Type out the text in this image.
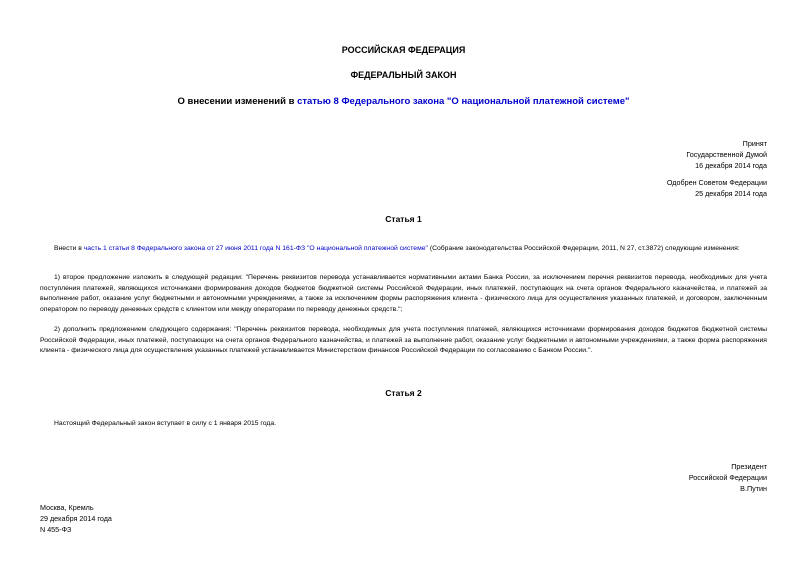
РОССИЙСКАЯ ФЕДЕРАЦИЯ
ФЕДЕРАЛЬНЫЙ ЗАКОН
О внесении изменений в статью 8 Федерального закона "О национальной платежной системе"
Принят
Государственной Думой
16 декабря 2014 года
Одобрен Советом Федерации
25 декабря 2014 года
Статья 1
Внести в часть 1 статьи 8 Федерального закона от 27 июня 2011 года N 161-ФЗ "О национальной платежной системе" (Собрание законодательства Российской Федерации, 2011, N 27, ст.3872) следующие изменения:
1) второе предложение изложить в следующей редакции: "Перечень реквизитов перевода устанавливается нормативными актами Банка России, за исключением перечня реквизитов перевода, необходимых для учета поступления платежей, являющихся источниками формирования доходов бюджетов бюджетной системы Российской Федерации, иных платежей, поступающих на счета органов Федерального казначейства, и платежей за выполнение работ, оказание услуг бюджетными и автономными учреждениями, а также за исключением формы распоряжения клиента - физического лица для осуществления указанных платежей, и договором, заключенным оператором по переводу денежных средств с клиентом или между операторами по переводу денежных средств.";
2) дополнить предложением следующего содержания: "Перечень реквизитов перевода, необходимых для учета поступления платежей, являющихся источниками формирования доходов бюджетов бюджетной системы Российской Федерации, иных платежей, поступающих на счета органов Федерального казначейства, и платежей за выполнение работ, оказание услуг бюджетными и автономными учреждениями, а также форма распоряжения клиента - физического лица для осуществления указанных платежей устанавливается Министерством финансов Российской Федерации по согласованию с Банком России.".
Статья 2
Настоящий Федеральный закон вступает в силу с 1 января 2015 года.
Президент
Российской Федерации
В.Путин
Москва, Кремль
29 декабря 2014 года
N 455-ФЗ
